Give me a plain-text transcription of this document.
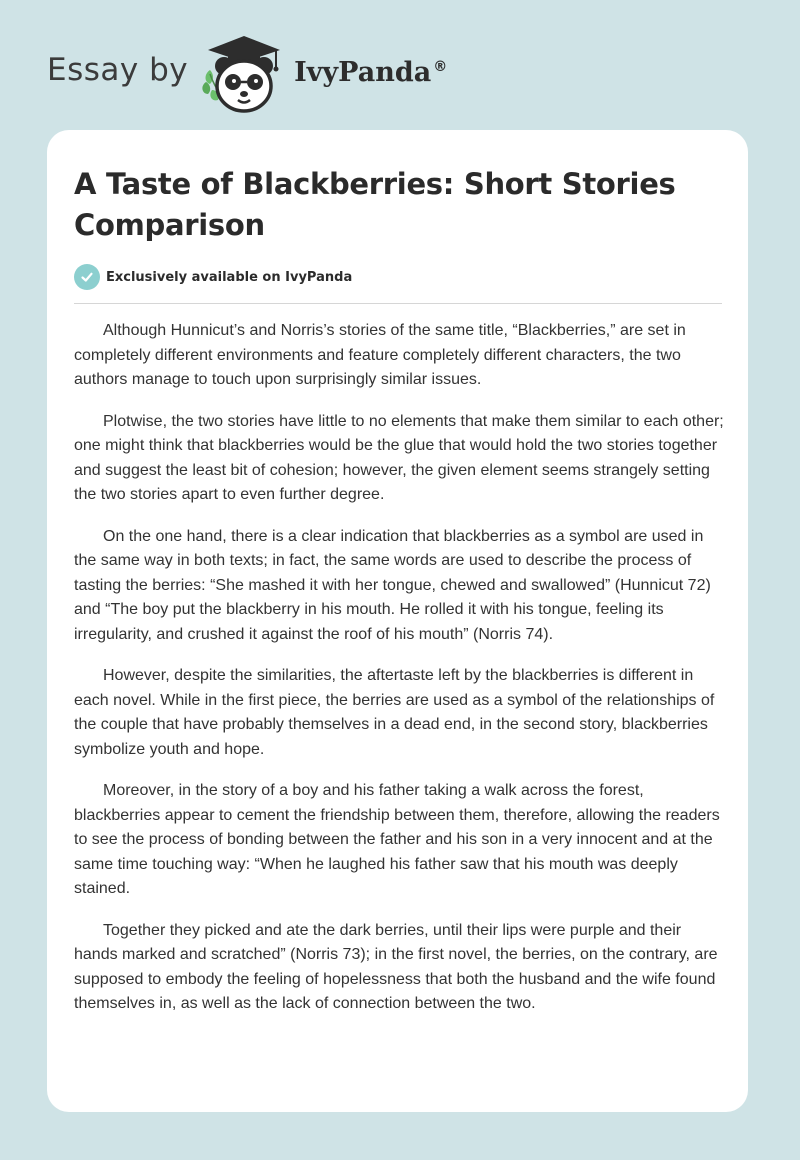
Essay by	IvyPanda ®
A Taste of Blackberries: Short Stories Comparison
Exclusively available on IvyPanda

Although Hunnicut’s and Norris’s stories of the same title, “Blackberries,” are set in completely different environments and feature completely different characters, the two authors manage to touch upon surprisingly similar issues.

Plotwise, the two stories have little to no elements that make them similar to each other; one might think that blackberries would be the glue that would hold the two stories together and suggest the least bit of cohesion; however, the given element seems strangely setting the two stories apart to even further degree.

On the one hand, there is a clear indication that blackberries as a symbol are used in the same way in both texts; in fact, the same words are used to describe the process of tasting the berries: “She mashed it with her tongue, chewed and swallowed” (Hunnicut 72) and “The boy put the blackberry in his mouth. He rolled it with his tongue, feeling its irregularity, and crushed it against the roof of his mouth” (Norris 74).

However, despite the similarities, the aftertaste left by the blackberries is different in each novel. While in the first piece, the berries are used as a symbol of the relationships of the couple that have probably themselves in a dead end, in the second story, blackberries symbolize youth and hope.

Moreover, in the story of a boy and his father taking a walk across the forest, blackberries appear to cement the friendship between them, therefore, allowing the readers to see the process of bonding between the father and his son in a very innocent and at the same time touching way: “When he laughed his father saw that his mouth was deeply stained.

Together they picked and ate the dark berries, until their lips were purple and their hands marked and scratched” (Norris 73); in the first novel, the berries, on the contrary, are supposed to embody the feeling of hopelessness that both the husband and the wife found themselves in, as well as the lack of connection between the two.
